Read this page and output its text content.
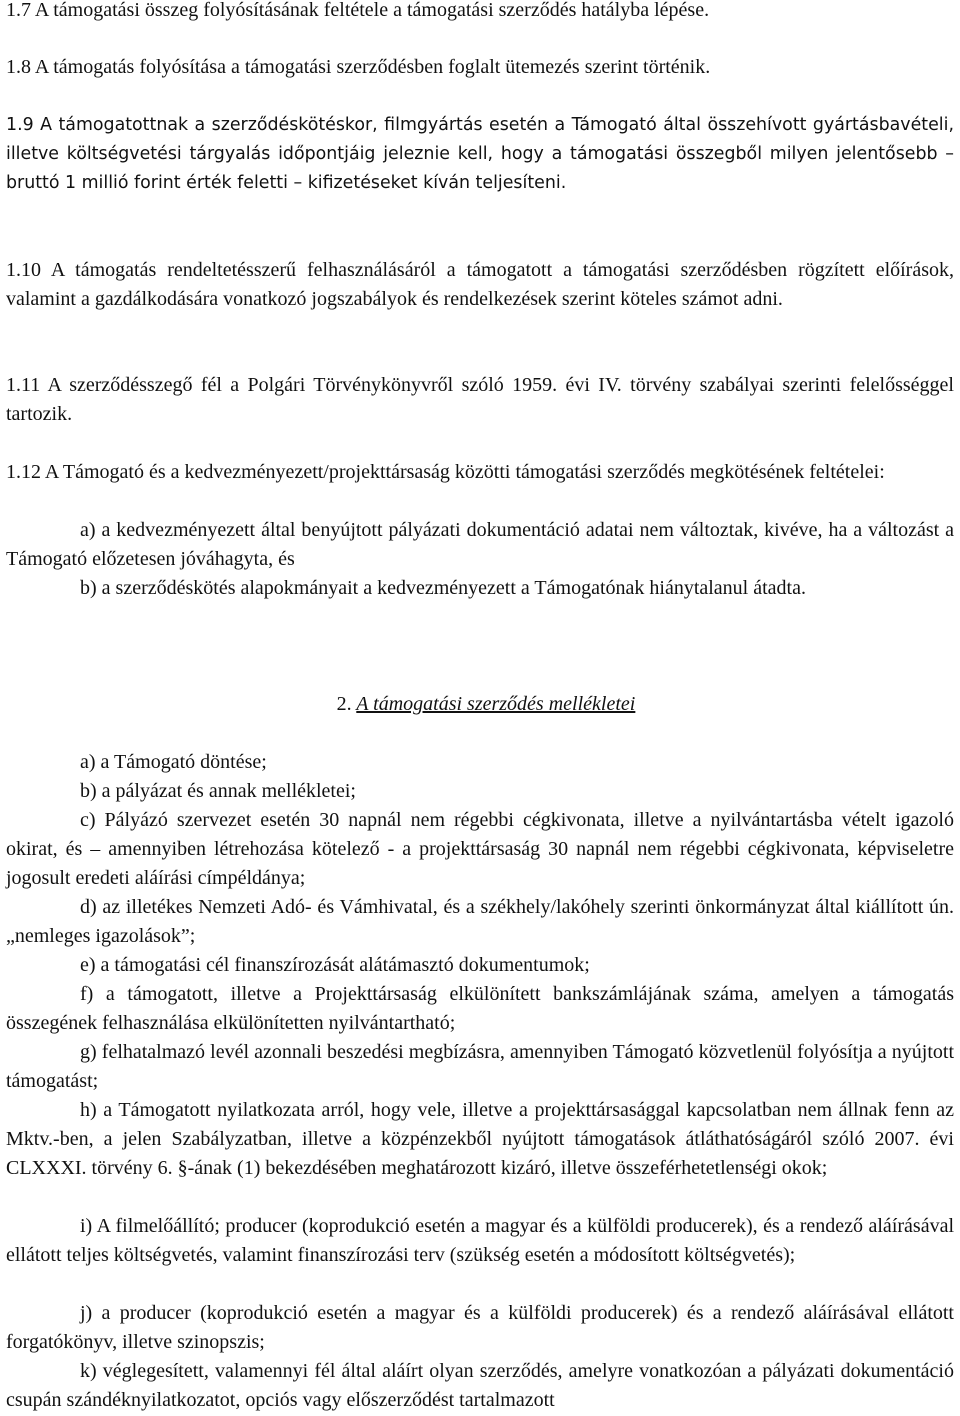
1.7 A támogatási összeg folyósításának feltétele a támogatási szerződés hatályba lépése.

1.8 A támogatás folyósítása a támogatási szerződésben foglalt ütemezés szerint történik.

1.9 A támogatottnak a szerződéskötéskor, filmgyártás esetén a Támogató által összehívott gyártásbavételi, illetve költségvetési tárgyalás időpontjáig jeleznie kell, hogy a támogatási összegből milyen jelentősebb – bruttó 1 millió forint érték feletti – kifizetéseket kíván teljesíteni.

1.10 A támogatás rendeltetésszerű felhasználásáról a támogatott a támogatási szerződésben rögzített előírások, valamint a gazdálkodására vonatkozó jogszabályok és rendelkezések szerint köteles számot adni.

1.11 A szerződésszegő fél a Polgári Törvénykönyvről szóló 1959. évi IV. törvény szabályai szerinti felelősséggel tartozik.

1.12 A Támogató és a kedvezményezett/projekttársaság közötti támogatási szerződés megkötésének feltételei:

a) a kedvezményezett által benyújtott pályázati dokumentáció adatai nem változtak, kivéve, ha a változást a Támogató előzetesen jóváhagyta, és

b) a szerződéskötés alapokmányait a kedvezményezett a Támogatónak hiánytalanul átadta.

2. A támogatási szerződés mellékletei

a) a Támogató döntése;

b) a pályázat és annak mellékletei;

c) Pályázó szervezet esetén 30 napnál nem régebbi cégkivonata, illetve a nyilvántartásba vételt igazoló okirat, és – amennyiben létrehozása kötelező - a projekttársaság 30 napnál nem régebbi cégkivonata, képviseletre jogosult eredeti aláírási címpéldánya;

d) az illetékes Nemzeti Adó- és Vámhivatal, és a székhely/lakóhely szerinti önkormányzat által kiállított ún. „nemleges igazolások”;

e) a támogatási cél finanszírozását alátámasztó dokumentumok;

f) a támogatott, illetve a Projekttársaság elkülönített bankszámlájának száma, amelyen a támogatás összegének felhasználása elkülönítetten nyilvántartható;

g) felhatalmazó levél azonnali beszedési megbízásra, amennyiben Támogató közvetlenül folyósítja a nyújtott támogatást;

h) a Támogatott nyilatkozata arról, hogy vele, illetve a projekttársasággal kapcsolatban nem állnak fenn az Mktv.-ben, a jelen Szabályzatban, illetve a közpénzekből nyújtott támogatások átláthatóságáról szóló 2007. évi CLXXXI. törvény 6. §-ának (1) bekezdésében meghatározott kizáró, illetve összeférhetetlenségi okok;

i) A filmelőállító; producer (koprodukció esetén a magyar és a külföldi producerek), és a rendező aláírásával ellátott teljes költségvetés, valamint finanszírozási terv (szükség esetén a módosított költségvetés);

j) a producer (koprodukció esetén a magyar és a külföldi producerek) és a rendező aláírásával ellátott forgatókönyv, illetve szinopszis;

k) véglegesített, valamennyi fél által aláírt olyan szerződés, amelyre vonatkozóan a pályázati dokumentáció csupán szándéknyilatkozatot, opciós vagy előszerződést tartalmazott
